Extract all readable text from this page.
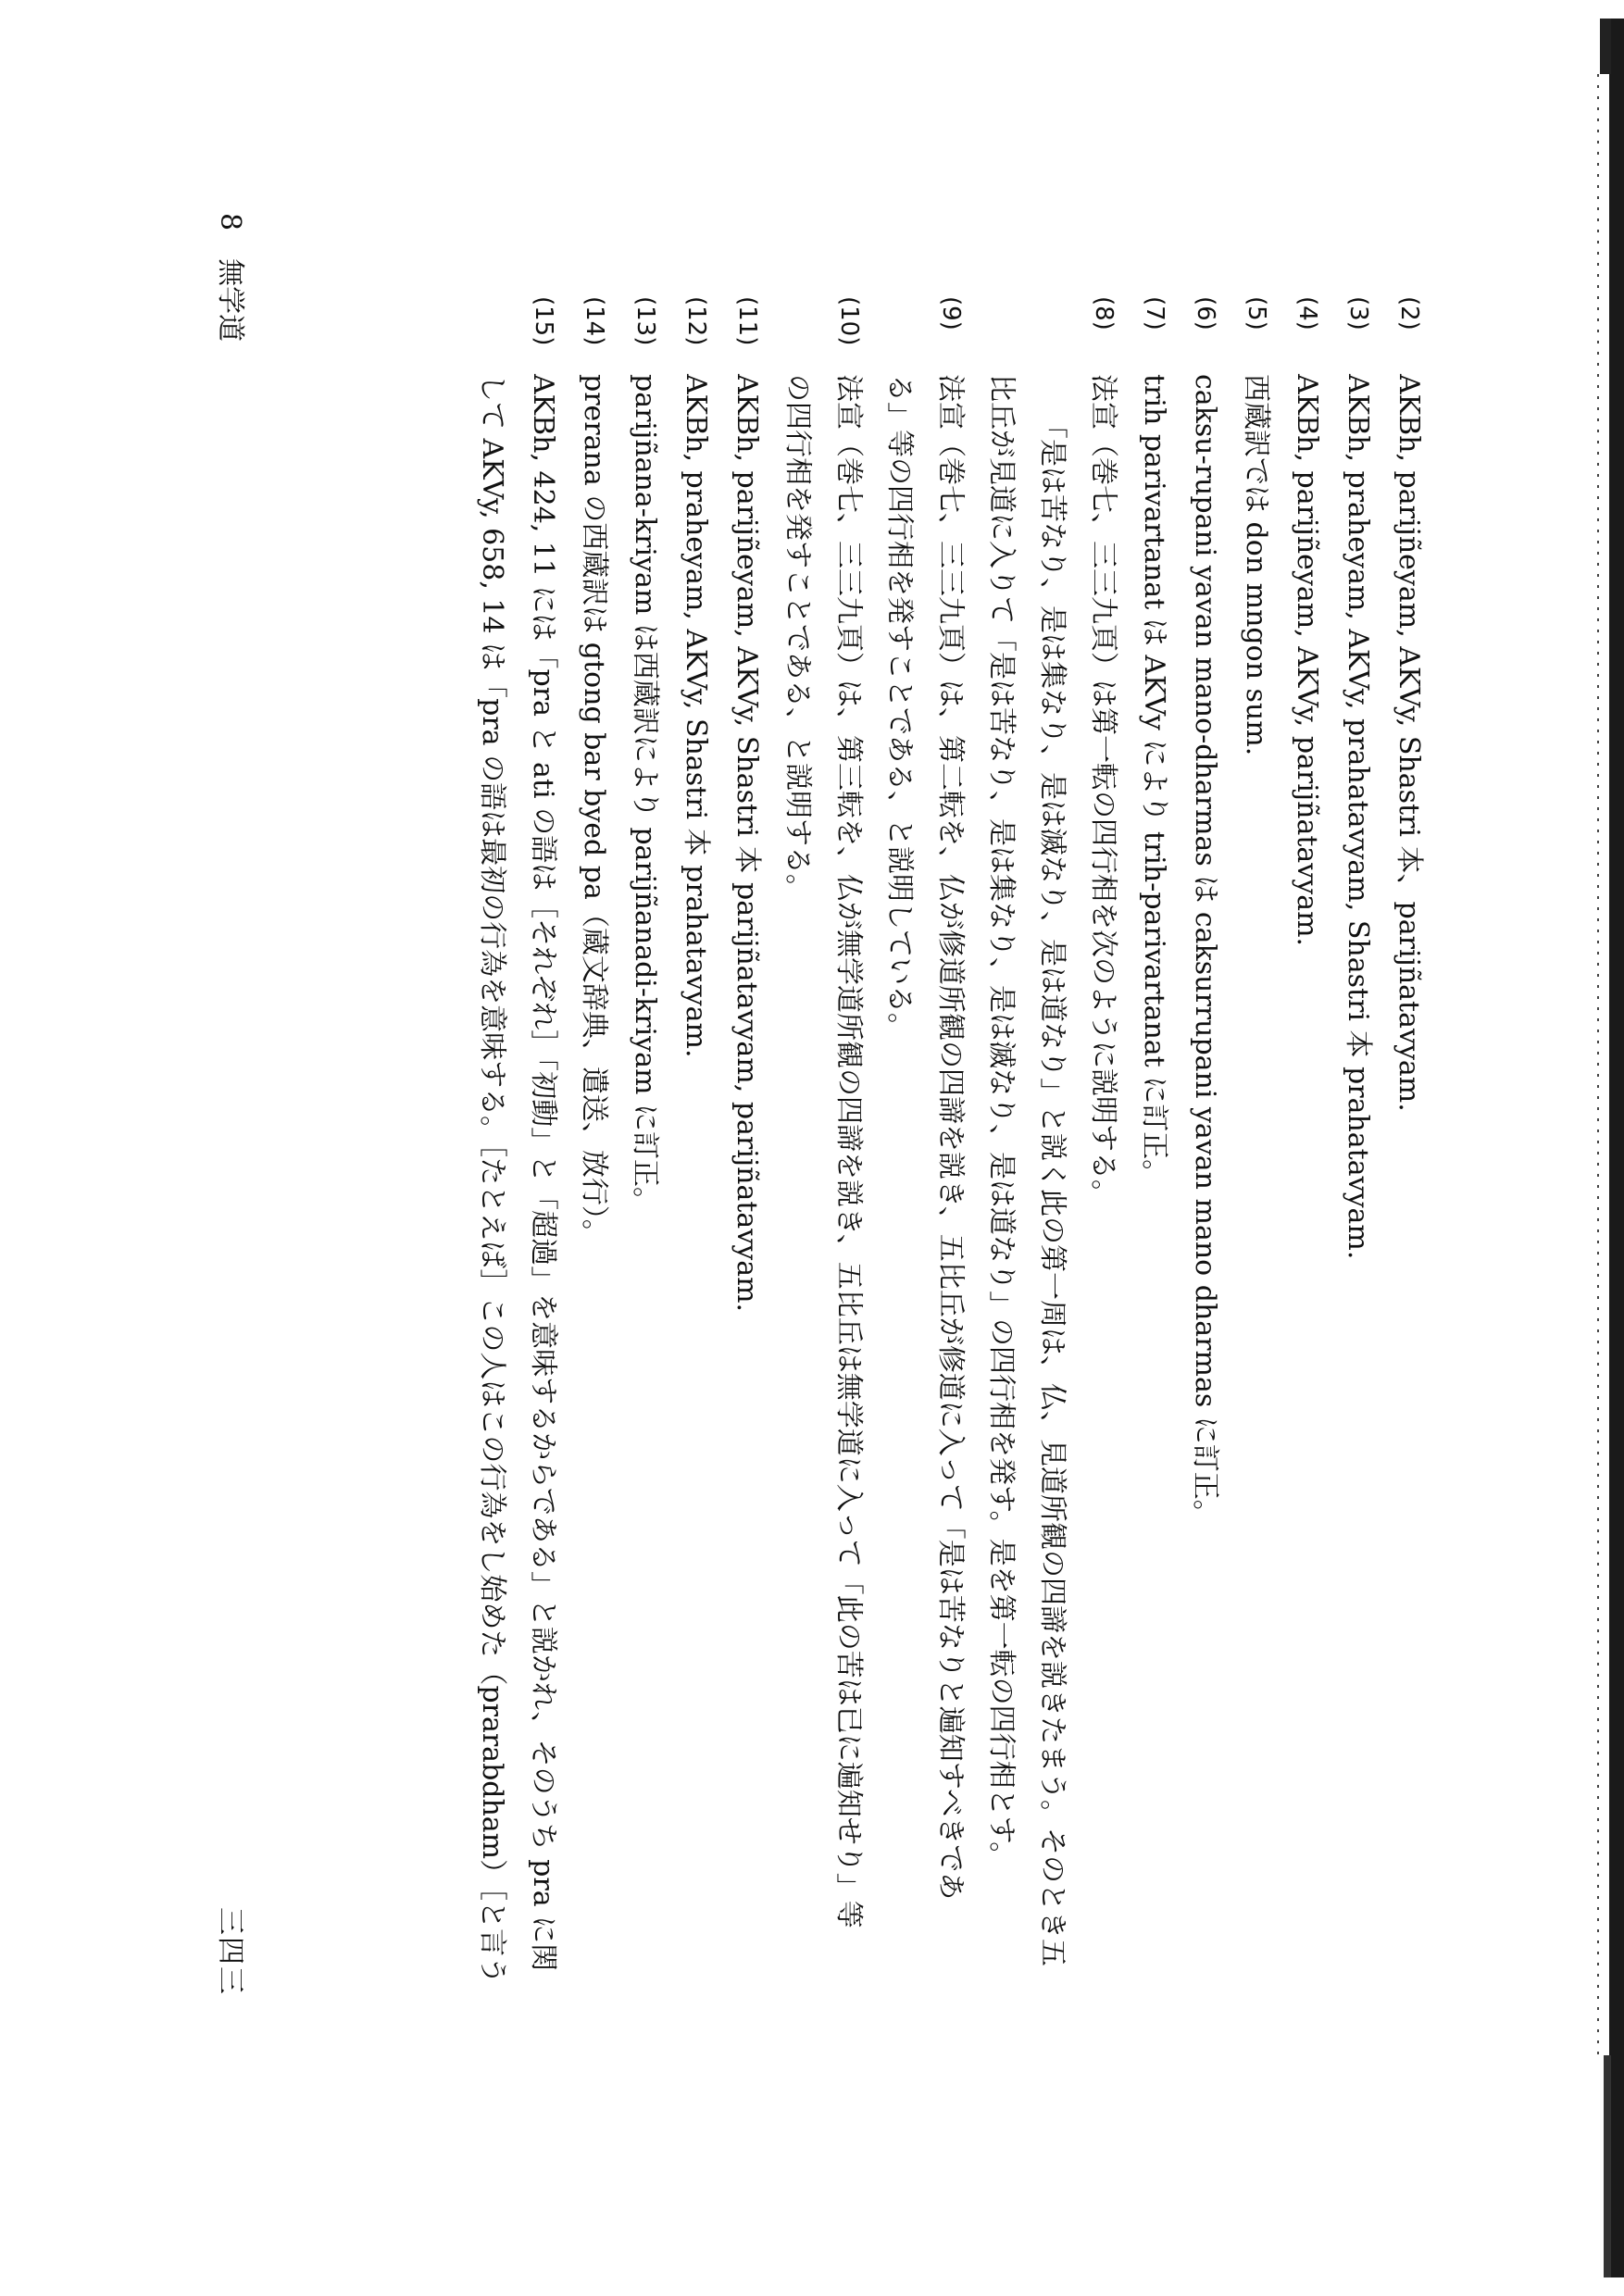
(2)
AKBh, parijñeyam, AKVy, Shastri 本、parijñatavyam.
(3)
AKBh, praheyam, AKVy, prahatavyam, Shastri 本 prahatavyam.
(4)
AKBh, parijñeyam, AKVy, parijñatavyam.
(5)
西蔵訳では don mngon sum.
(6)
caksu-rupani yavan mano-dharmas は caksurrupani yavan mano dharmas に訂正。
(7)
trih parivartanat は AKVy により trih-parivartanat に訂正。
(8)
法宣（巻七、三三九頁）は第一転の四行相を次のように説明する。
「是は苦なり、是は集なり、是は滅なり、是は道なり」と説く此の第一周は、仏、見道所観の四諦を説きたまう。そのとき五
比丘が見道に入りて「是は苦なり、是は集なり、是は滅なり、是は道なり」の四行相を発す。是を第一転の四行相とす。
(9)
法宣（巻七、三三九頁）は、第二転を、仏が修道所観の四諦を説き、五比丘が修道に入って「是は苦なりと遍知すべきであ
る」等の四行相を発すことである、と説明している。
(10)
法宣（巻七、三三九頁）は、第三転を、仏が無学道所観の四諦を説き、五比丘は無学道に入って「此の苦は已に遍知せり」等
の四行相を発すことである、と説明する。
(11)
AKBh, parijñeyam, AKVy, Shastri 本 parijñatavyam, parijñatavyam.
(12)
AKBh, praheyam, AKVy, Shastri 本 prahatavyam.
(13)
parijñana-kriyam は西蔵訳により parijñanadi-kriyam に訂正。
(14)
prerana の西蔵訳は gtong bar byed pa（蔵文辞典、遣送、放行）。
(15)
AKBh, 424, 11 には「pra と ati の語は［それぞれ］「初動」と「超過」を意味するからである」と説かれ、そのうち pra に関
して AKVy, 658, 14 は「pra の語は最初の行為を意味する。［たとえば］この人はこの行為をし始めた（prarabdham）［と言う
8　無学道
三四三
